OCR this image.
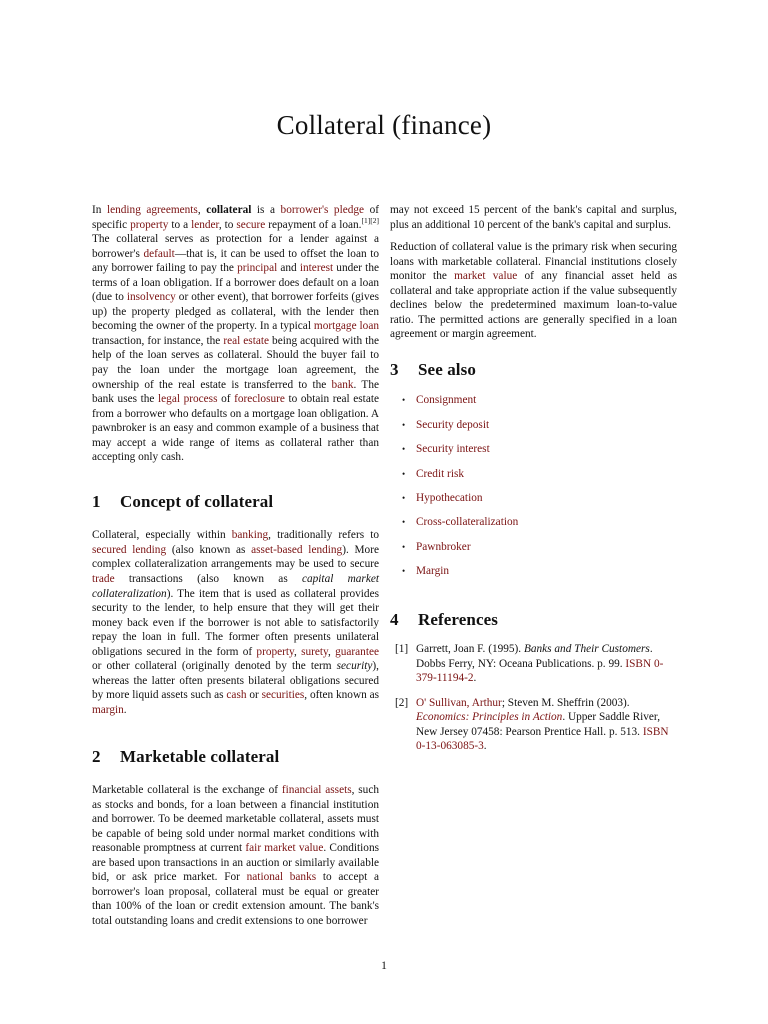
Collateral (finance)

In lending agreements, collateral is a borrower's pledge of specific property to a lender, to secure repayment of a loan.[1][2] The collateral serves as protection for a lender against a borrower's default—that is, it can be used to offset the loan to any borrower failing to pay the principal and interest under the terms of a loan obligation. If a borrower does default on a loan (due to insolvency or other event), that borrower forfeits (gives up) the property pledged as collateral, with the lender then becoming the owner of the property. In a typical mortgage loan transaction, for instance, the real estate being acquired with the help of the loan serves as collateral. Should the buyer fail to pay the loan under the mortgage loan agreement, the ownership of the real estate is transferred to the bank. The bank uses the legal process of foreclosure to obtain real estate from a borrower who defaults on a mortgage loan obligation. A pawnbroker is an easy and common example of a business that may accept a wide range of items as collateral rather than accepting only cash.

1 Concept of collateral

Collateral, especially within banking, traditionally refers to secured lending (also known as asset-based lending). More complex collateralization arrangements may be used to secure trade transactions (also known as capital market collateralization). The item that is used as collateral provides security to the lender, to help ensure that they will get their money back even if the borrower is not able to satisfactorily repay the loan in full. The former often presents unilateral obligations secured in the form of property, surety, guarantee or other collateral (originally denoted by the term security), whereas the latter often presents bilateral obligations secured by more liquid assets such as cash or securities, often known as margin.

2 Marketable collateral

Marketable collateral is the exchange of financial assets, such as stocks and bonds, for a loan between a financial institution and borrower. To be deemed marketable collateral, assets must be capable of being sold under normal market conditions with reasonable promptness at current fair market value. Conditions are based upon transactions in an auction or similarly available bid, or ask price market. For national banks to accept a borrower's loan proposal, collateral must be equal or greater than 100% of the loan or credit extension amount. The bank's total outstanding loans and credit extensions to one borrower

may not exceed 15 percent of the bank's capital and surplus, plus an additional 10 percent of the bank's capital and surplus.

Reduction of collateral value is the primary risk when securing loans with marketable collateral. Financial institutions closely monitor the market value of any financial asset held as collateral and take appropriate action if the value subsequently declines below the predetermined maximum loan-to-value ratio. The permitted actions are generally specified in a loan agreement or margin agreement.

3 See also
• Consignment
• Security deposit
• Security interest
• Credit risk
• Hypothecation
• Cross-collateralization
• Pawnbroker
• Margin
4 References
[1] Garrett, Joan F. (1995). Banks and Their Customers. Dobbs Ferry, NY: Oceana Publications. p. 99. ISBN 0-379-11194-2.
[2] O' Sullivan, Arthur; Steven M. Sheffrin (2003). Economics: Principles in Action. Upper Saddle River, New Jersey 07458: Pearson Prentice Hall. p. 513. ISBN 0-13-063085-3.
1
